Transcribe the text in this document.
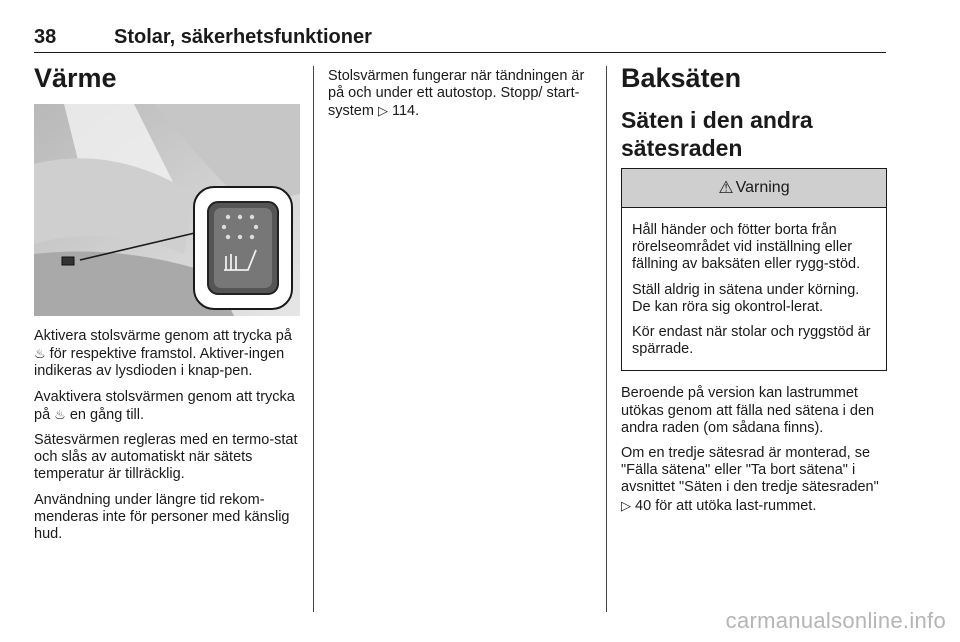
38	Stolar, säkerhetsfunktioner
Värme

Aktivera stolsvärme genom att trycka på ♨ för respektive framstol. Aktiver-ingen indikeras av lysdioden i knap-pen.

Avaktivera stolsvärmen genom att trycka på ♨ en gång till.

Sätesvärmen regleras med en termo-stat och slås av automatiskt när sätets temperatur är tillräcklig.

Användning under längre tid rekom-menderas inte för personer med känslig hud.

Stolsvärmen fungerar när tändningen är på och under ett autostop. Stopp/ start-system ▷ 114.

Baksäten
Säten i den andra
sätesraden
⚠ Varning

Håll händer och fötter borta från rörelseområdet vid inställning eller fällning av baksäten eller rygg-stöd.

Ställ aldrig in sätena under körning. De kan röra sig okontrol-lerat.

Kör endast när stolar och ryggstöd är spärrade.

Beroende på version kan lastrummet utökas genom att fälla ned sätena i den andra raden (om sådana finns).

Om en tredje sätesrad är monterad, se "Fälla sätena" eller "Ta bort sätena" i avsnittet "Säten i den tredje sätesraden" ▷ 40 för att utöka last-rummet.

carmanualsonline.info
